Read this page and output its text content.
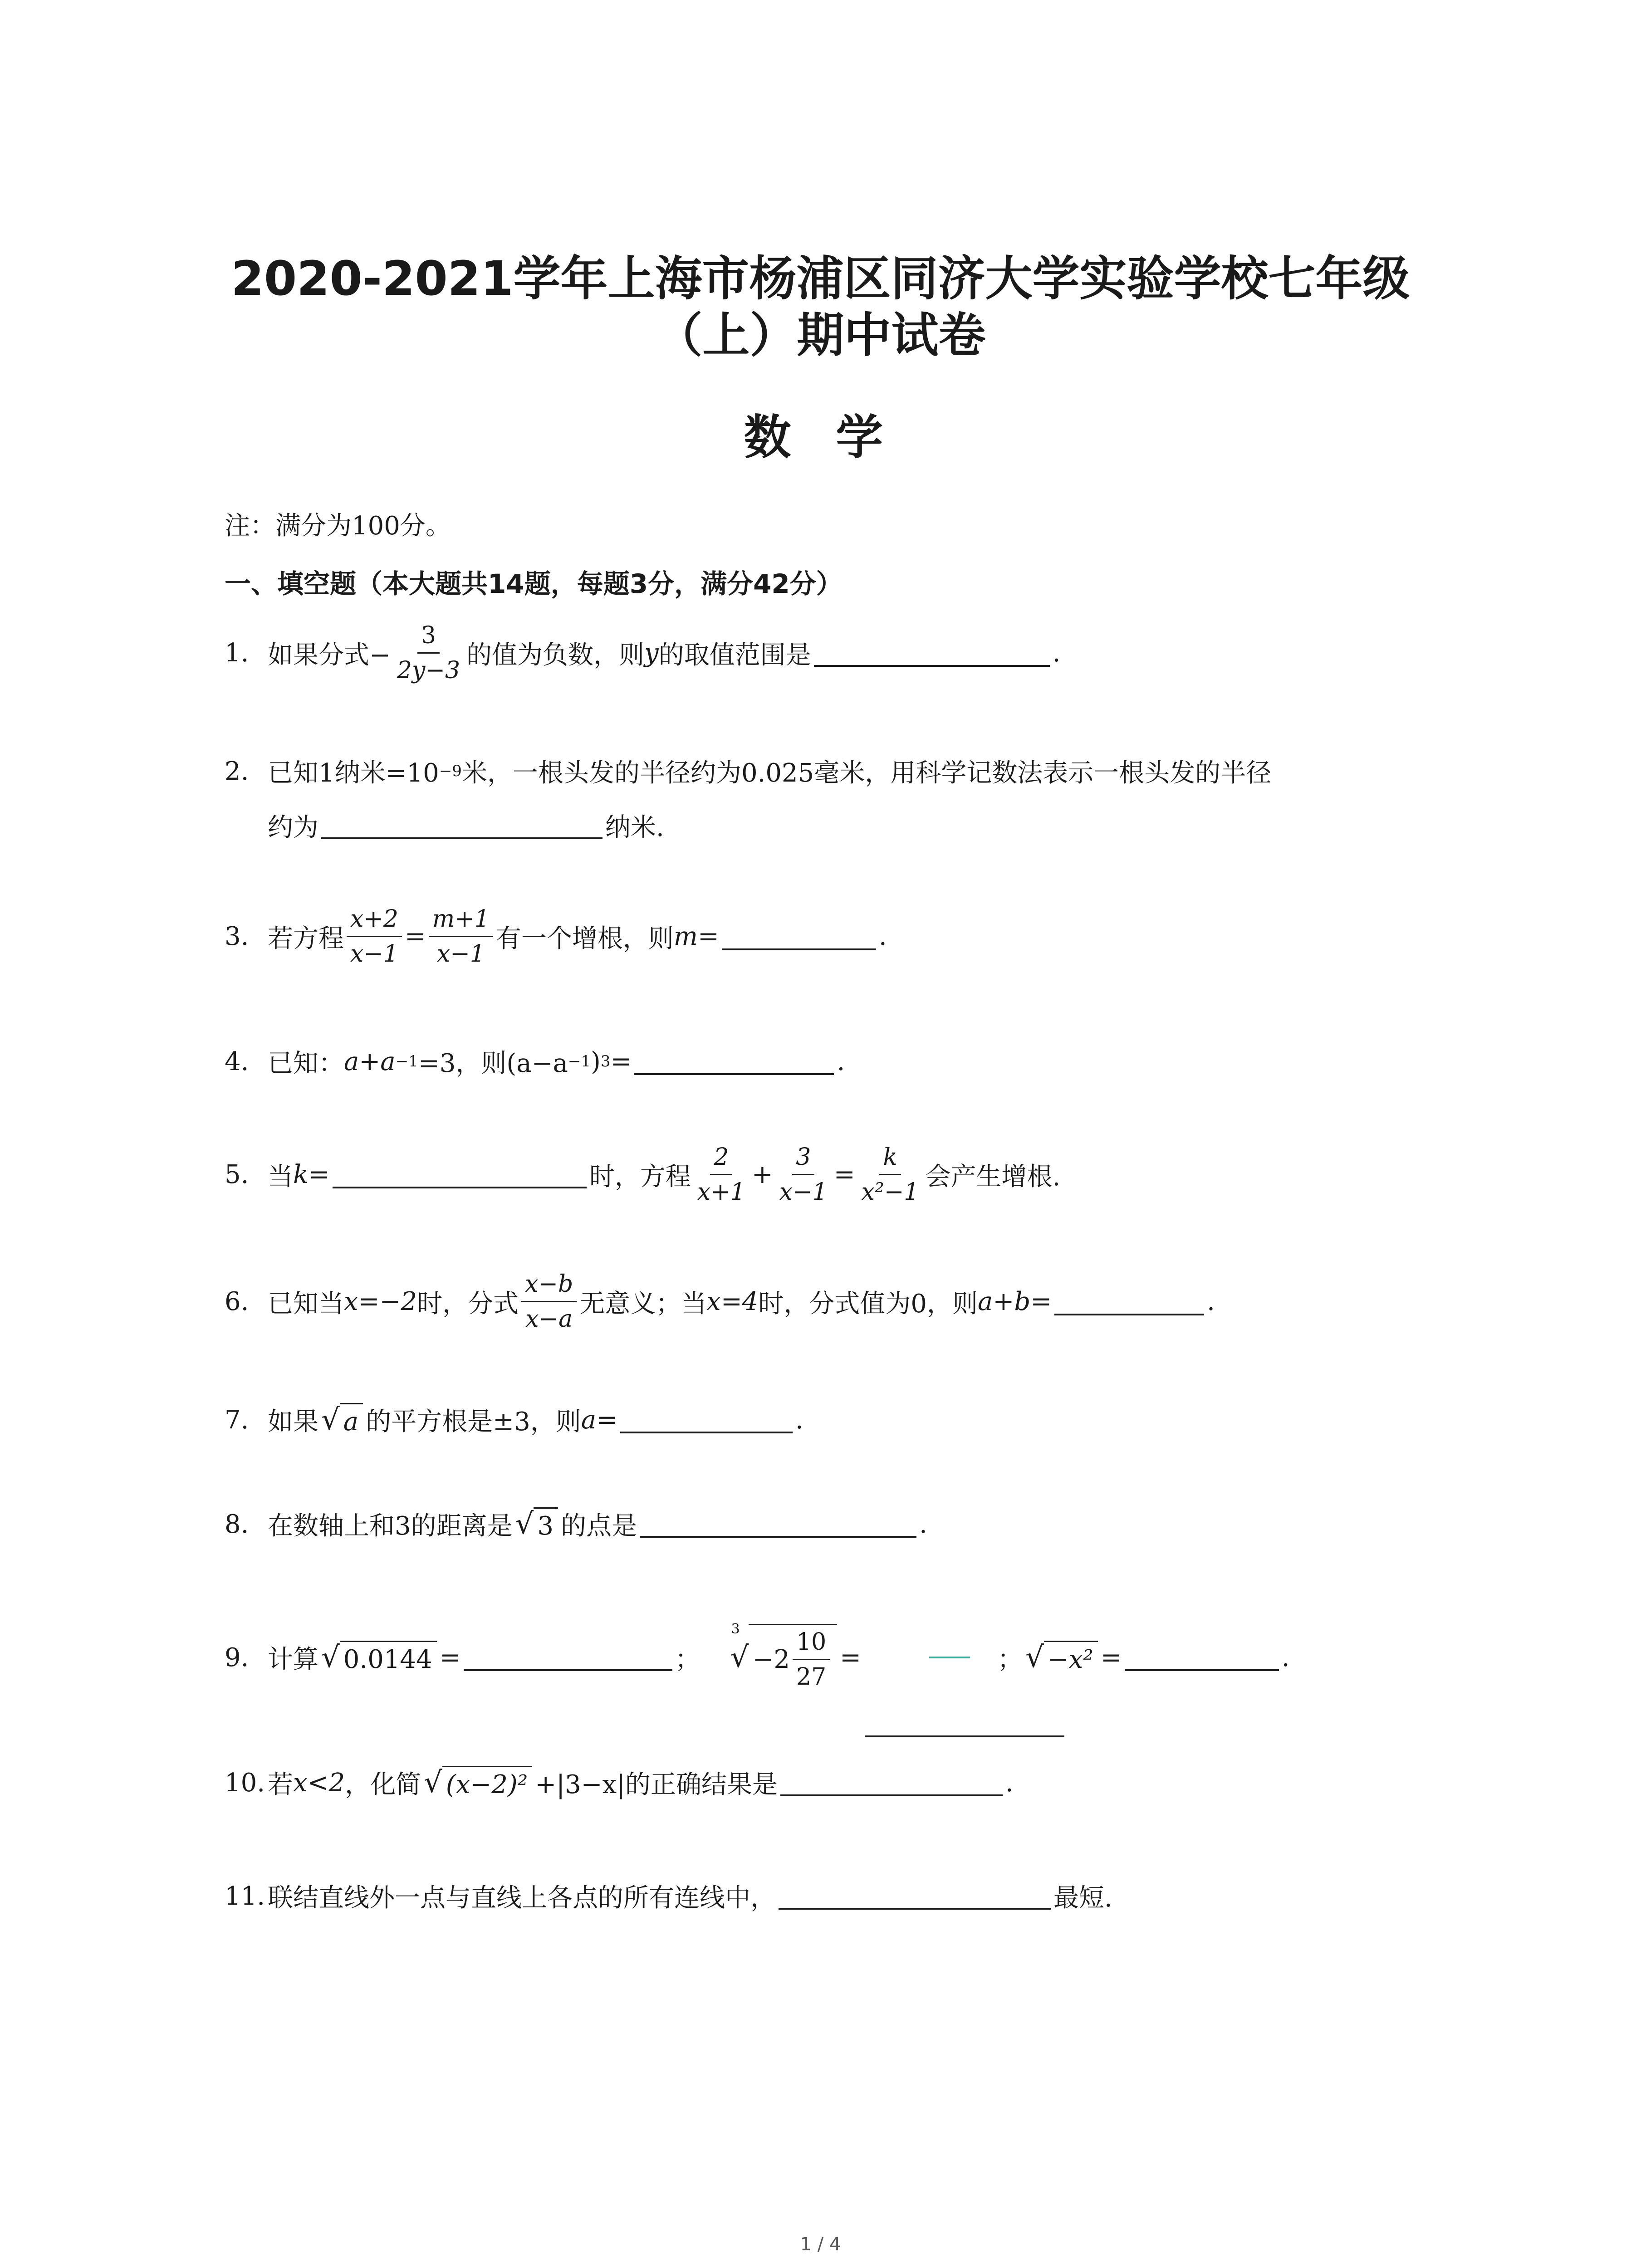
2020-2021学年上海市杨浦区同济大学实验学校七年级
（上）期中试卷
数 学
注：满分为100分。
一、填空题（本大题共14题，每题3分，满分42分）
1. 如果分式− $\frac{3}{2y-3}$ 的值为负数，则 y 的取值范围是	.
2. 已知1纳米=10 −9 米，一根头发的半径约为0.025毫米，用科学记数法表示一根头发的半径
约为	纳米.
3. 若方程 $\frac{x+2}{x-1} = \frac{m+1}{x-1}$ 有一个增根，则 m =	.
4. 已知： a+a −1 =3，则(a−a −1 ) 3 =	.
5. 当 k =	时，方程 $\frac{2}{x+1} + \frac{3}{x-1} = \frac{k}{\text{x²−1}}$ 会产生增根.
6. 已知当 x=−2 时，分式 $\frac{x-b}{x-a}$ 无意义；当 x=4 时，分式值为0，则 a+b =	.
7. 如果 √ a 的平方根是±3，则 a =	.
8. 在数轴上和3的距离是 √ 3 的点是	.
9. 计算 √ 0.0144 =	；
3
√ $-2 \frac{10}{27}$ =	； √ −x² =	.
10. 若 x<2 ，化简 √ (x−2)² +|3−x|的正确结果是	.
11. 联结直线外一点与直线上各点的所有连线中，	最短.
1 / 4
